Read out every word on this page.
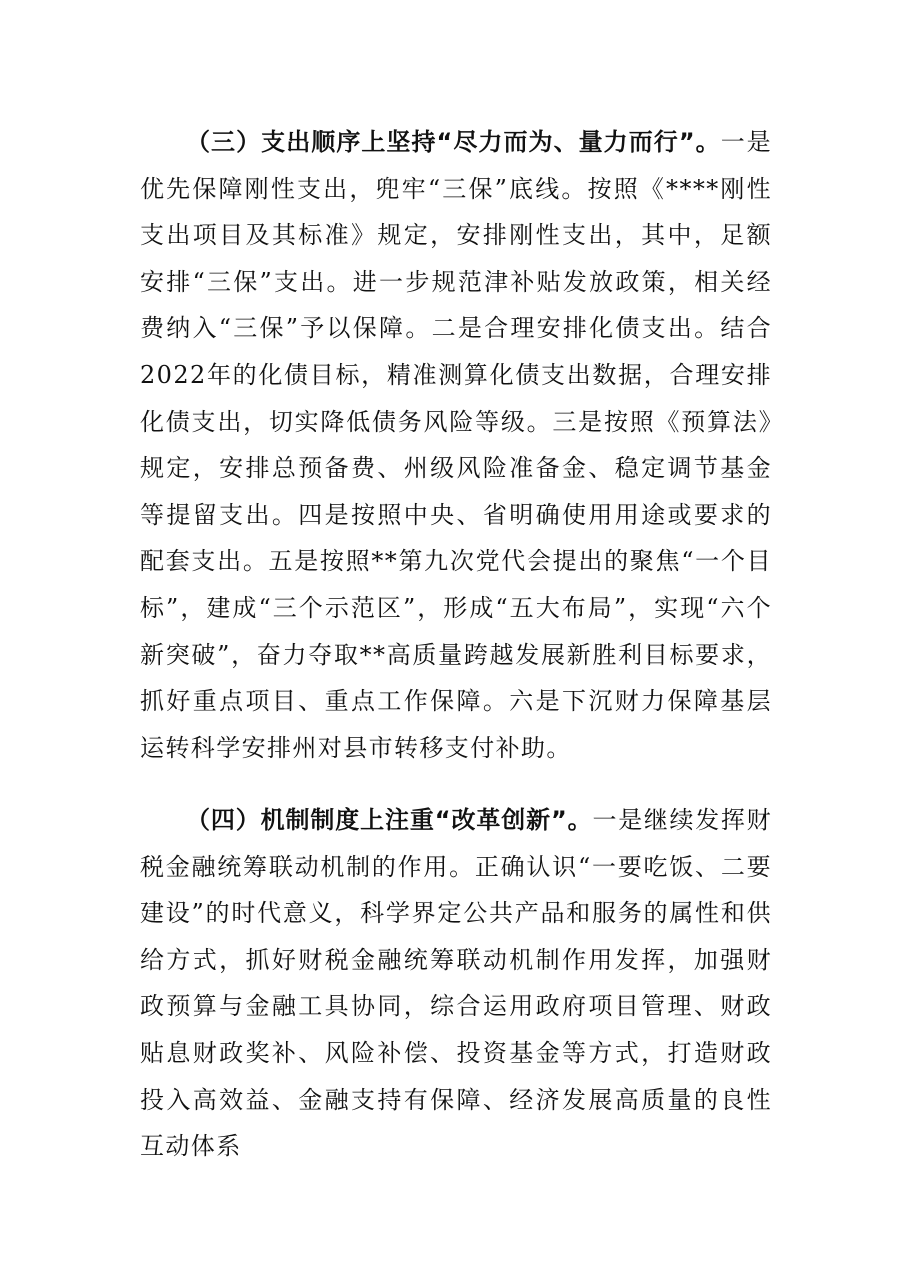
（三）支出顺序上坚持“尽力而为、量力而行”。一是优先保障刚性支出，兜牢“三保”底线。按照《****刚性支出项目及其标准》规定，安排刚性支出，其中，足额安排“三保”支出。进一步规范津补贴发放政策，相关经费纳入“三保”予以保障。二是合理安排化债支出。结合2022年的化债目标，精准测算化债支出数据，合理安排化债支出，切实降低债务风险等级。三是按照《预算法》规定，安排总预备费、州级风险准备金、稳定调节基金等提留支出。四是按照中央、省明确使用用途或要求的配套支出。五是按照**第九次党代会提出的聚焦“一个目标”，建成“三个示范区”，形成“五大布局”，实现“六个新突破”，奋力夺取**高质量跨越发展新胜利目标要求，抓好重点项目、重点工作保障。六是下沉财力保障基层运转科学安排州对县市转移支付补助。

（四）机制制度上注重“改革创新”。一是继续发挥财税金融统筹联动机制的作用。正确认识“一要吃饭、二要建设”的时代意义，科学界定公共产品和服务的属性和供给方式，抓好财税金融统筹联动机制作用发挥，加强财政预算与金融工具协同，综合运用政府项目管理、财政贴息财政奖补、风险补偿、投资基金等方式，打造财政投入高效益、金融支持有保障、经济发展高质量的良性互动体系
